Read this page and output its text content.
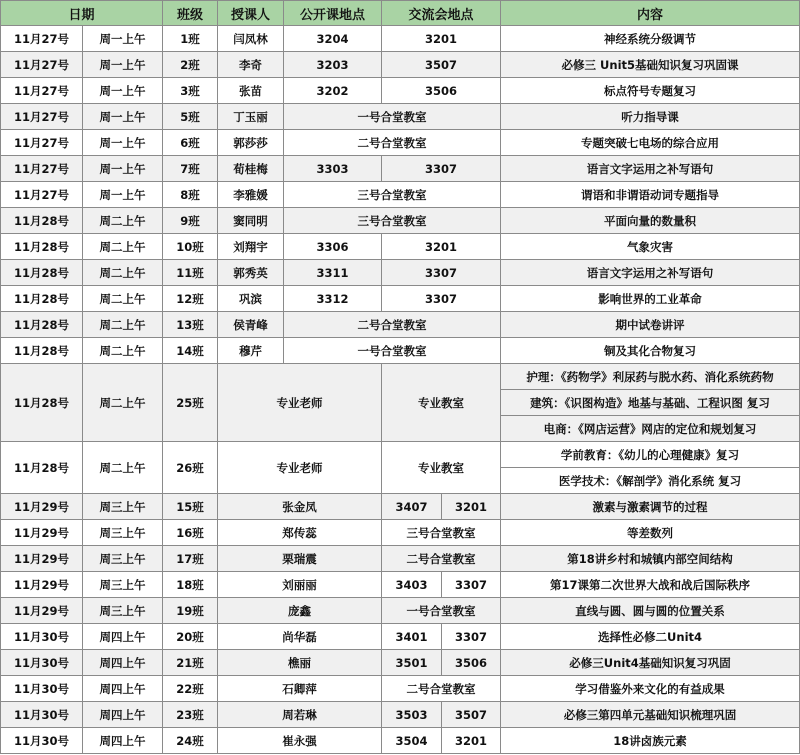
日期		班级	授课人	公开课地点	交流会地点		内容
11月27号	周一上午	1班	闫凤林	3204	3201		神经系统分级调节
11月27号	周一上午	2班	李奇	3203	3507		必修三 Unit5基础知识复习巩固课
11月27号	周一上午	3班	张苗	3202	3506		标点符号专题复习
11月27号	周一上午	5班	丁玉丽	一号合堂教室			听力指导课
11月27号	周一上午	6班	郭莎莎	二号合堂教室			专题突破七电场的综合应用
11月27号	周一上午	7班	荀桂梅	3303	3307		语言文字运用之补写语句
11月27号	周一上午	8班	李雅媛	三号合堂教室			谓语和非谓语动词专题指导
11月28号	周二上午	9班	窦同明	三号合堂教室			平面向量的数量积
11月28号	周二上午	10班	刘翔宇	3306	3201		气象灾害
11月28号	周二上午	11班	郭秀英	3311	3307		语言文字运用之补写语句
11月28号	周二上午	12班	巩滨	3312	3307		影响世界的工业革命
11月28号	周二上午	13班	侯青峰	二号合堂教室			期中试卷讲评
11月28号	周二上午	14班	穆芹	一号合堂教室			铜及其化合物复习
11月28号	周二上午	25班	专业老师		专业教室		护理：《药物学》利尿药与脱水药、消化系统药物
							建筑：《识图构造》地基与基础、工程识图 复习
							电商：《网店运营》网店的定位和规划复习
11月28号	周二上午	26班	专业老师		专业教室		学前教育：《幼儿的心理健康》复习
							医学技术：《解剖学》消化系统 复习
11月29号	周三上午	15班	张金凤		3407	3201	激素与激素调节的过程
11月29号	周三上午	16班	郑传蕊		三号合堂教室		等差数列
11月29号	周三上午	17班	栗瑞震		二号合堂教室		第18讲乡村和城镇内部空间结构
11月29号	周三上午	18班	刘丽丽		3403	3307	第17课第二次世界大战和战后国际秩序
11月29号	周三上午	19班	庞鑫		一号合堂教室		直线与圆、圆与圆的位置关系
11月30号	周四上午	20班	尚华磊		3401	3307	选择性必修二Unit4
11月30号	周四上午	21班	樵丽		3501	3506	必修三Unit4基础知识复习巩固
11月30号	周四上午	22班	石卿萍		二号合堂教室		学习借鉴外来文化的有益成果
11月30号	周四上午	23班	周若琳		3503	3507	必修三第四单元基础知识梳理巩固
11月30号	周四上午	24班	崔永强		3504	3201	18讲卤族元素
